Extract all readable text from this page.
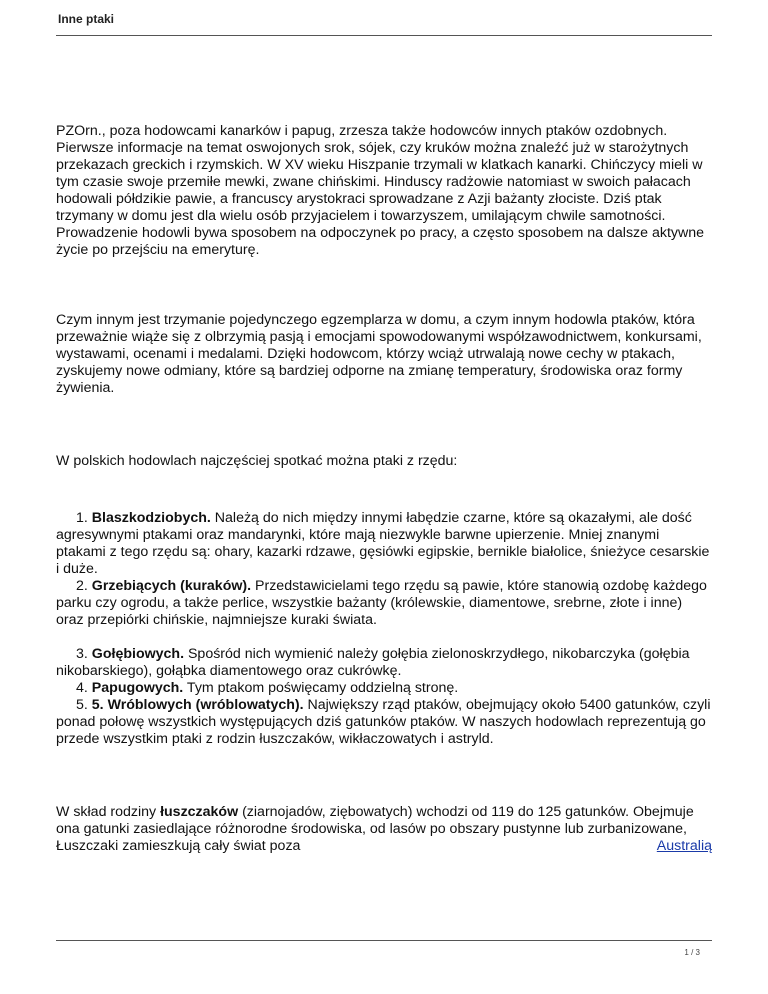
Inne ptaki

PZOrn., poza hodowcami kanarków i papug, zrzesza także hodowców innych ptaków ozdobnych. Pierwsze informacje na temat oswojonych srok, sójek, czy kruków można znaleźć już w starożytnych przekazach greckich i rzymskich. W XV wieku Hiszpanie trzymali w klatkach kanarki. Chińczycy mieli w tym czasie swoje przemiłe mewki, zwane chińskimi. Hinduscy radżowie natomiast w swoich pałacach hodowali półdzikie pawie, a francuscy arystokraci sprowadzane z Azji bażanty złociste. Dziś ptak trzymany w domu jest dla wielu osób przyjacielem i towarzyszem, umilającym chwile samotności. Prowadzenie hodowli bywa sposobem na odpoczynek po pracy, a często sposobem na dalsze aktywne życie po przejściu na emeryturę.

Czym innym jest trzymanie pojedynczego egzemplarza w domu, a czym innym hodowla ptaków, która przeważnie wiąże się z olbrzymią pasją i emocjami spowodowanymi współzawodnictwem, konkursami, wystawami, ocenami i medalami. Dzięki hodowcom, którzy wciąż utrwalają nowe cechy w ptakach, zyskujemy nowe odmiany, które są bardziej odporne na zmianę temperatury, środowiska oraz formy żywienia.

W polskich hodowlach najczęściej spotkać można ptaki z rzędu:

1. Blaszkodziobych. Należą do nich między innymi łabędzie czarne, które są okazałymi, ale dość agresywnymi ptakami oraz mandarynki, które mają niezwykle barwne upierzenie. Mniej znanymi ptakami z tego rzędu są: ohary, kazarki rdzawe, gęsiówki egipskie, bernikle białolice, śnieżyce cesarskie i duże.

2. Grzebiących (kuraków). Przedstawicielami tego rzędu są pawie, które stanowią ozdobę każdego parku czy ogrodu, a także perlice, wszystkie bażanty (królewskie, diamentowe, srebrne, złote i inne) oraz przepiórki chińskie, najmniejsze kuraki świata.

3. Gołębiowych. Spośród nich wymienić należy gołębia zielonoskrzydłego, nikobarczyka (gołębia nikobarskiego), gołąbka diamentowego oraz cukrówkę.

4. Papugowych. Tym ptakom poświęcamy oddzielną stronę.

5. 5. Wróblowych (wróblowatych). Największy rząd ptaków, obejmujący około 5400 gatunków, czyli ponad połowę wszystkich występujących dziś gatunków ptaków. W naszych hodowlach reprezentują go przede wszystkim ptaki z rodzin łuszczaków, wikłaczowatych i astryld.

W skład rodziny łuszczaków (ziarnojadów, ziębowatych) wchodzi od 119 do 125 gatunków. Obejmuje ona gatunki zasiedlające różnorodne środowiska, od lasów po obszary pustynne lub zurbanizowane, Łuszczaki zamieszkują cały świat poza	Australią

1 / 3
